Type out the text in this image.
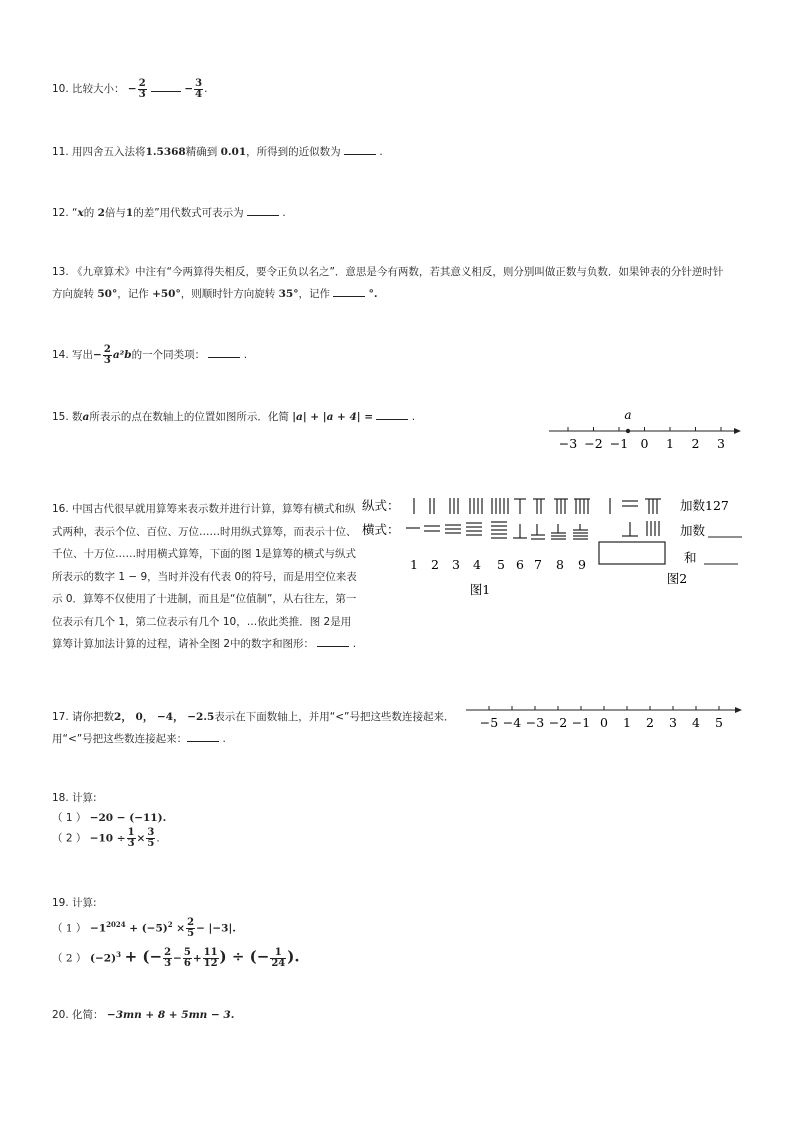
10. 比较大小： − $\frac{2}{3}$	− $\frac{3}{4}$ .
11. 用四舍五入法将1.5368精确到 0.01，所得到的近似数为	.
12. “x的 2倍与1的差”用代数式可表示为	.
13. 《九章算术》中注有“今两算得失相反，要令正负以名之”．意思是今有两数，若其意义相反，则分别叫做正数与负数．如果钟表的分针逆时针
方向旋转 50°，记作 +50°，则顺时针方向旋转 35°，记作	°.
14. 写出− $\frac{2}{3} a^2b$的一个同类项：	.
15. 数a所表示的点在数轴上的位置如图所示．化简 |a| + |a + 4| =	.
−3 −2 −1 0 1 2 3
a
16. 中国古代很早就用算筹来表示数并进行计算，算筹有横式和纵式两种，表示个位、百位、万位……时用纵式算筹，而表示十位、千位、十万位……时用横式算筹，下面的图 1是算筹的横式与纵式所表示的数字 1 − 9，当时并没有代表 0的符号，而是用空位来表示 0．算筹不仅使用了十进制，而且是“位值制”，从右往左，第一位表示有几个 1，第二位表示有几个 10，…依此类推．图 2是用算筹计算加法计算的过程，请补全图 2中的数字和图形：	.
纵式：
横式：
1 2 3 4 5 6 7 8 9
图1
加数127
加数
和
图2
17. 请你把数2， 0， −4， −2.5表示在下面数轴上，并用“<”号把这些数连接起来．
用“<”号把这些数连接起来：	.
−5 −4 −3 −2 −1 0 1 2 3 4 5
18. 计算:
（ 1 ） −20 − (−11).
（ 2 ） $-10 \div \frac{1}{3} \times \frac{3}{5}$ .
19. 计算:
（ 1 ） $-1^{2024} + (-5)^2 \times \frac{2}{5} - |-3|$.
（ 2 ） $(-2)^3$ + (− $\frac{2}{3} - \frac{5}{6} + \frac{11}{12}$ ) ÷ (− $\frac{1}{24}$ ).
20. 化简： −3mn + 8 + 5mn − 3.
